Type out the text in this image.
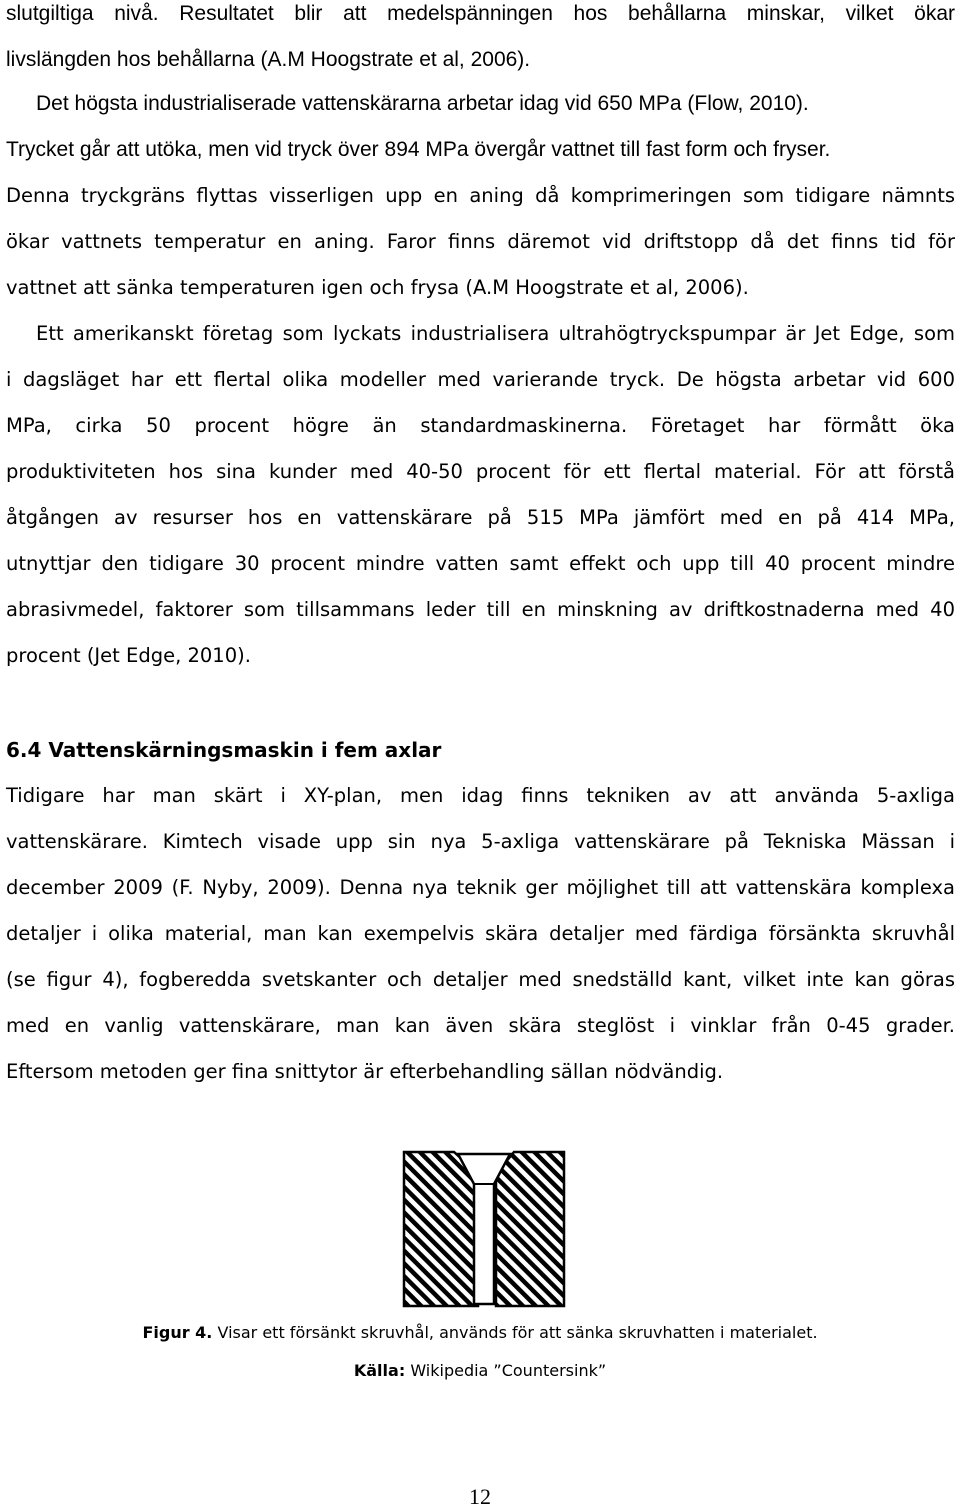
slutgiltiga nivå. Resultatet blir att medelspänningen hos behållarna minskar, vilket ökar
livslängden hos behållarna (A.M Hoogstrate et al, 2006).
Det högsta industrialiserade vattenskärarna arbetar idag vid 650 MPa (Flow, 2010).
Trycket går att utöka, men vid tryck över 894 MPa övergår vattnet till fast form och fryser.
Denna tryckgräns flyttas visserligen upp en aning då komprimeringen som tidigare nämnts
ökar vattnets temperatur en aning. Faror finns däremot vid driftstopp då det finns tid för
vattnet att sänka temperaturen igen och frysa (A.M Hoogstrate et al, 2006).
Ett amerikanskt företag som lyckats industrialisera ultrahögtryckspumpar är Jet Edge, som
i dagsläget har ett flertal olika modeller med varierande tryck. De högsta arbetar vid 600
MPa, cirka 50 procent högre än standardmaskinerna. Företaget har förmått öka
produktiviteten hos sina kunder med 40-50 procent för ett flertal material. För att förstå
åtgången av resurser hos en vattenskärare på 515 MPa jämfört med en på 414 MPa,
utnyttjar den tidigare 30 procent mindre vatten samt effekt och upp till 40 procent mindre
abrasivmedel, faktorer som tillsammans leder till en minskning av driftkostnaderna med 40
procent (Jet Edge, 2010).
6.4 Vattenskärningsmaskin i fem axlar
Tidigare har man skärt i XY-plan, men idag finns tekniken av att använda 5-axliga
vattenskärare. Kimtech visade upp sin nya 5-axliga vattenskärare på Tekniska Mässan i
december 2009 (F. Nyby, 2009). Denna nya teknik ger möjlighet till att vattenskära komplexa
detaljer i olika material, man kan exempelvis skära detaljer med färdiga försänkta skruvhål
(se figur 4), fogberedda svetskanter och detaljer med snedställd kant, vilket inte kan göras
med en vanlig vattenskärare, man kan även skära steglöst i vinklar från 0-45 grader.
Eftersom metoden ger fina snittytor är efterbehandling sällan nödvändig.
Figur 4. Visar ett försänkt skruvhål, används för att sänka skruvhatten i materialet.
Källa: Wikipedia ”Countersink”
12
